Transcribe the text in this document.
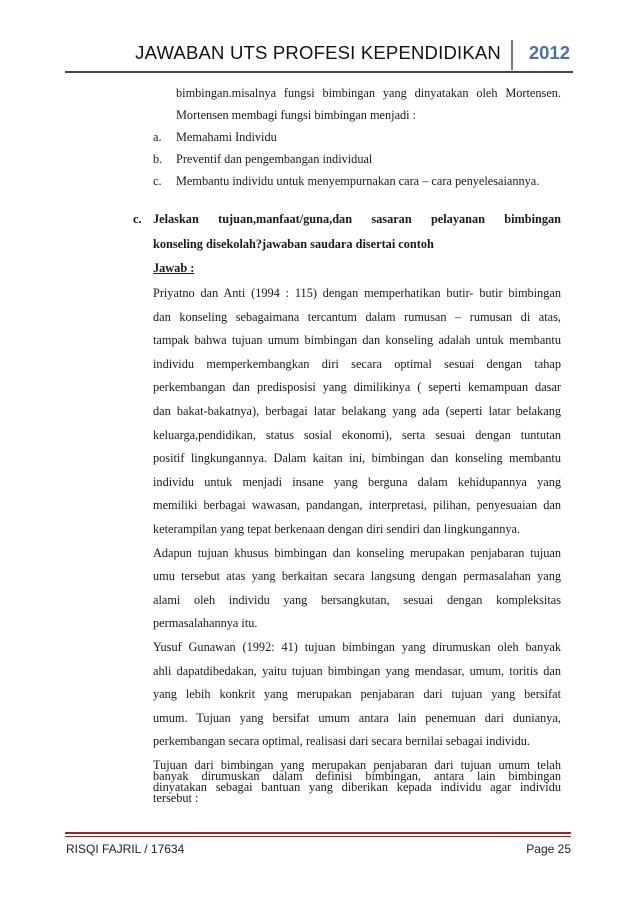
JAWABAN UTS PROFESI KEPENDIDIKAN 2012
bimbingan.misalnya fungsi bimbingan yang dinyatakan oleh Mortensen.
Mortensen membagi fungsi bimbingan menjadi :
a. Memahami Individu
b. Preventif dan pengembangan individual
c. Membantu individu untuk menyempurnakan cara – cara penyelesaiannya.
c. Jelaskan tujuan,manfaat/guna,dan sasaran pelayanan bimbingan
konseling disekolah?jawaban saudara disertai contoh
Jawab :
Priyatno dan Anti (1994 : 115) dengan memperhatikan butir- butir bimbingan
dan konseling sebagaimana tercantum dalam rumusan – rumusan di atas,
tampak bahwa tujuan umum bimbingan dan konseling adalah untuk membantu
individu memperkembangkan diri secara optimal sesuai dengan tahap
perkembangan dan predisposisi yang dimilikinya ( seperti kemampuan dasar
dan bakat-bakatnya), berbagai latar belakang yang ada (seperti latar belakang
keluarga,pendidikan, status sosial ekonomi), serta sesuai dengan tuntutan
positif lingkungannya. Dalam kaitan ini, bimbingan dan konseling membantu
individu untuk menjadi insane yang berguna dalam kehidupannya yang
memiliki berbagai wawasan, pandangan, interpretasi, pilihan, penyesuaian dan
keterampilan yang tepat berkenaan dengan diri sendiri dan lingkungannya.
Adapun tujuan khusus bimbingan dan konseling merupakan penjabaran tujuan
umu tersebut atas yang berkaitan secara langsung dengan permasalahan yang
alami oleh individu yang bersangkutan, sesuai dengan kompleksitas
permasalahannya itu.
Yusuf Gunawan (1992: 41) tujuan bimbingan yang dirumuskan oleh banyak
ahli dapatdibedakan, yaitu tujuan bimbingan yang mendasar, umum, toritis dan
yang lebih konkrit yang merupakan penjabaran dari tujuan yang bersifat
umum. Tujuan yang bersifat umum antara lain penemuan dari dunianya,
perkembangan secara optimal, realisasi dari secara bernilai sebagai individu.
Tujuan dari bimbingan yang merupakan penjabaran dari tujuan umum telah
banyak dirumuskan dalam definisi bimbingan, antara lain bimbingan
RISQI FAJRIL / 17634	Page 25
dinyatakan sebagai bantuan yang diberikan kepada individu agar individu
tersebut :
